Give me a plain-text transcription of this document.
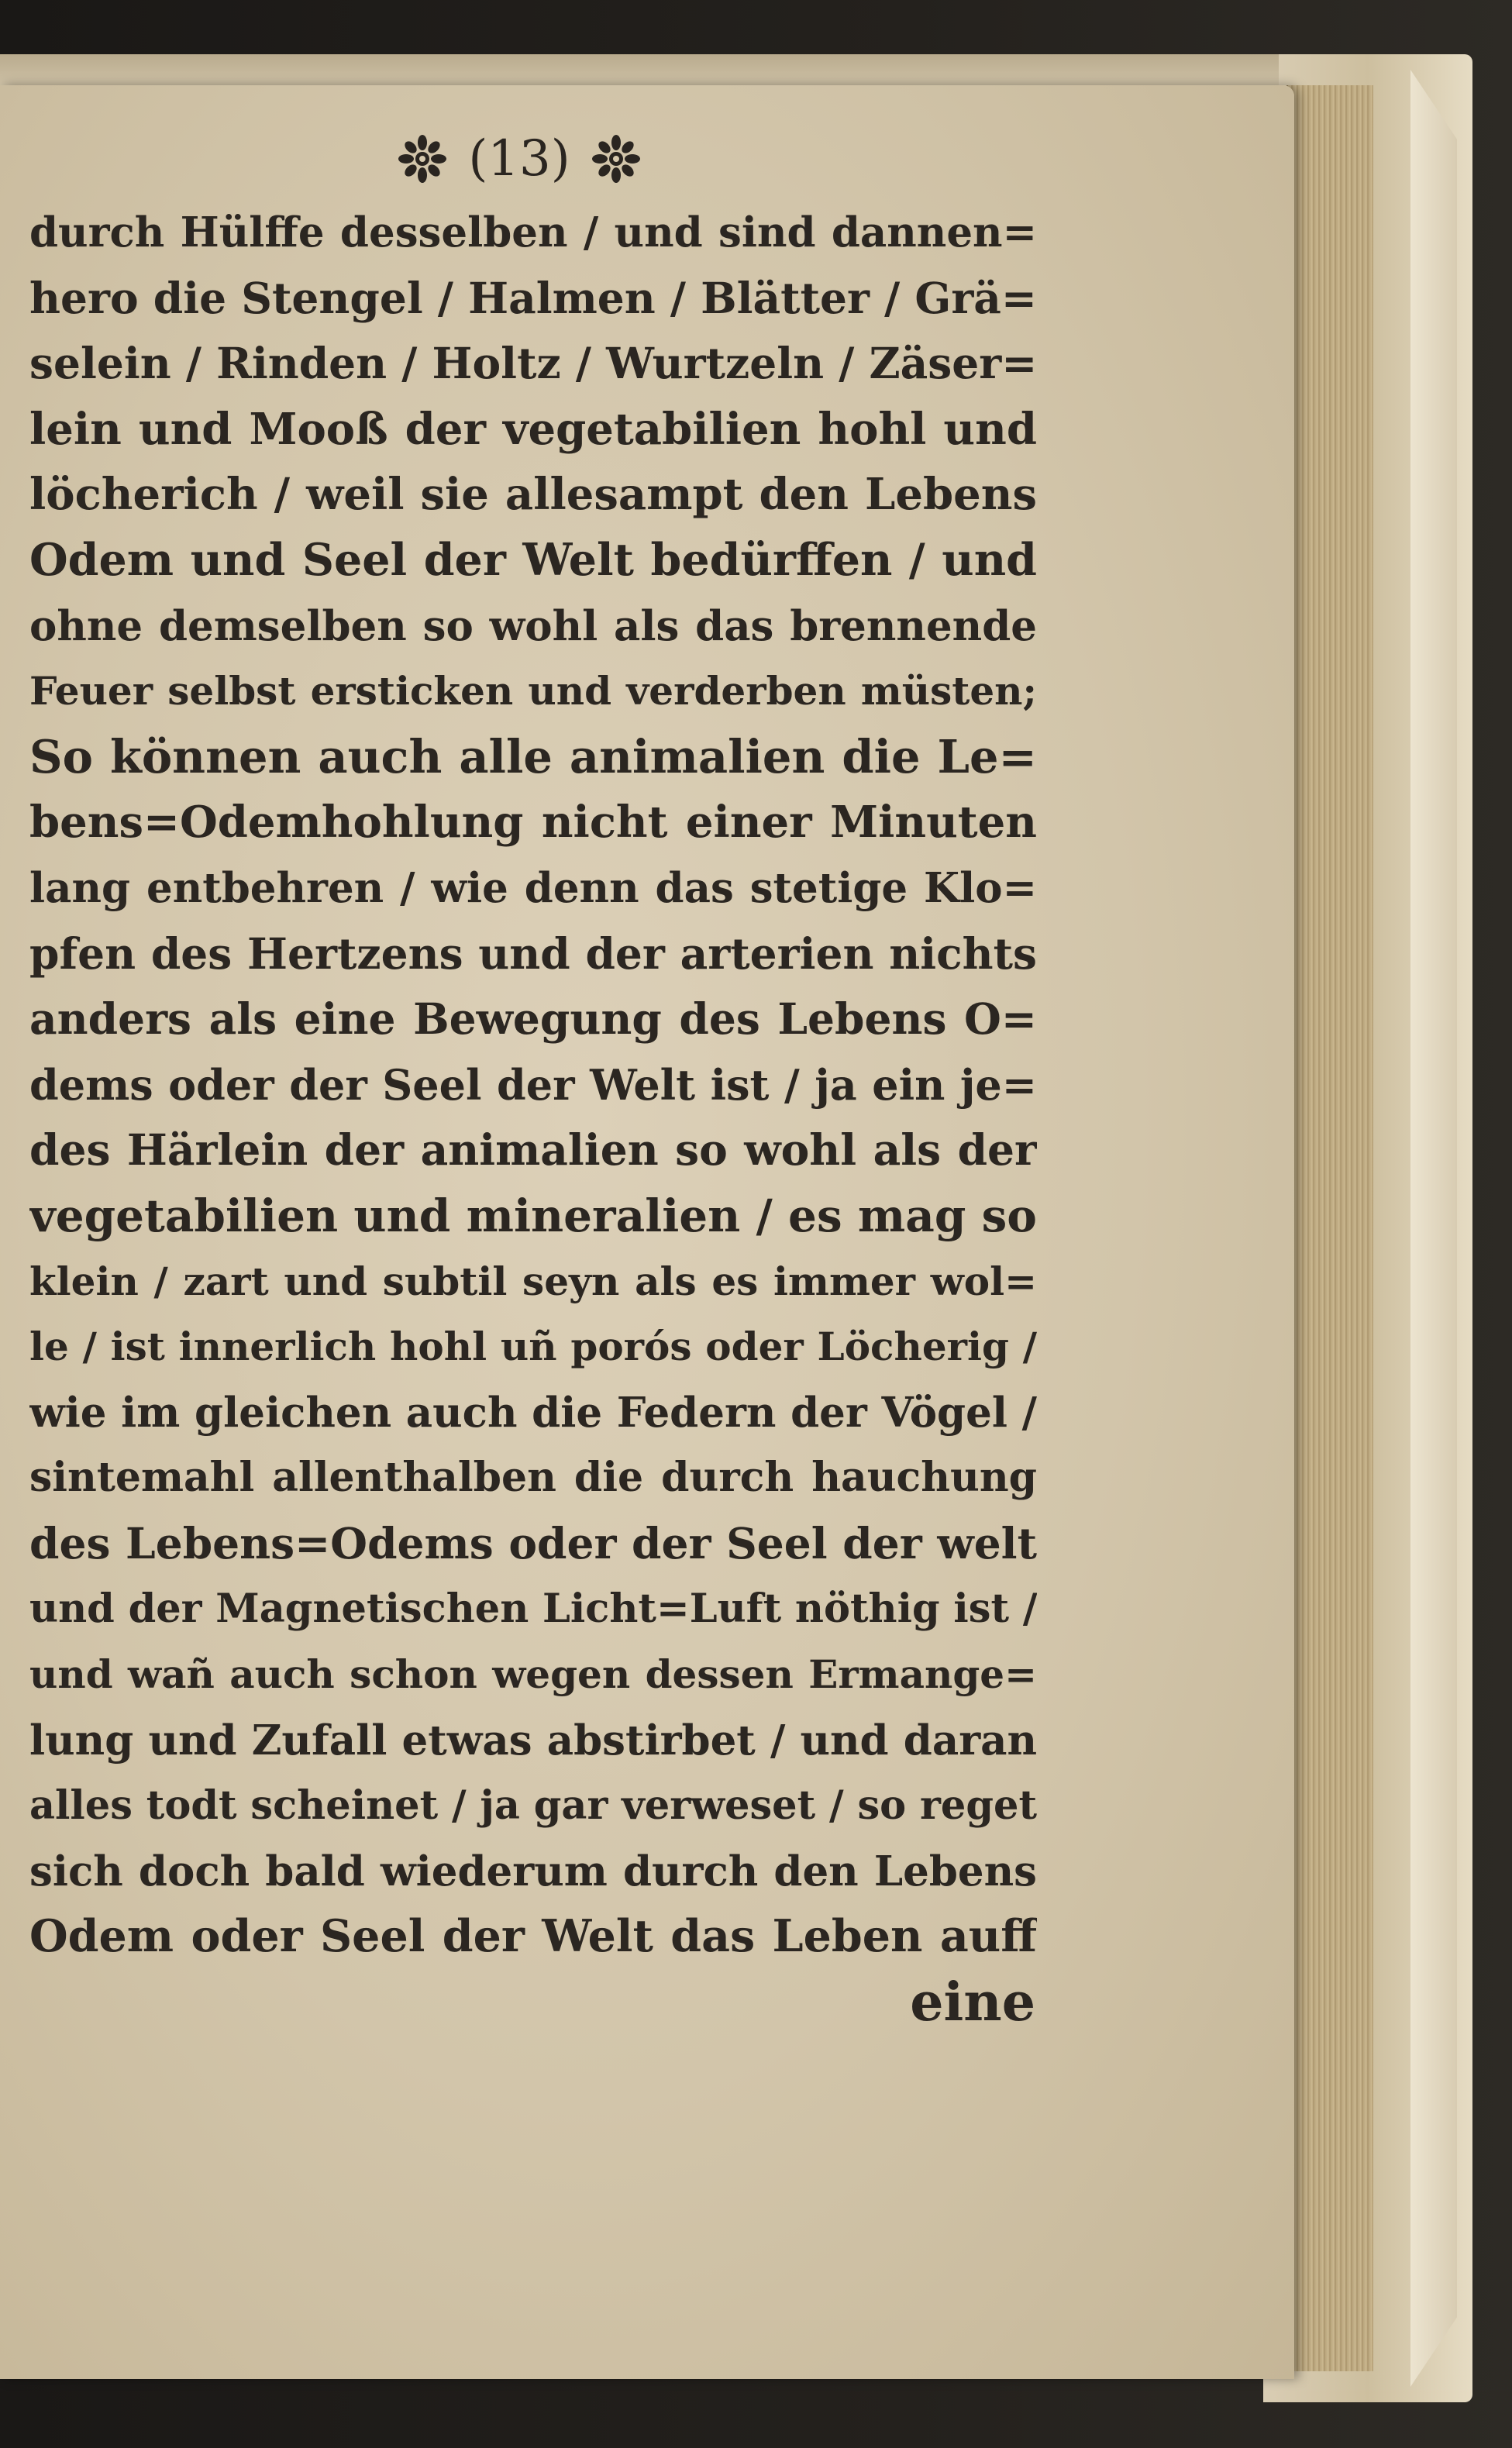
(13)
durch Hülffe desselben / und sind dannen=
hero die Stengel / Halmen / Blätter / Grä=
selein / Rinden / Holtz / Wurtzeln / Zäser=
lein und Mooß der vegetabilien hohl und
löcherich / weil sie allesampt den Lebens
Odem und Seel der Welt bedürffen / und
ohne demselben so wohl als das brennende
Feuer selbst ersticken und verderben müsten;
So können auch alle animalien die Le=
bens=Odemhohlung nicht einer Minuten
lang entbehren / wie denn das stetige Klo=
pfen des Hertzens und der arterien nichts
anders als eine Bewegung des Lebens O=
dems oder der Seel der Welt ist / ja ein je=
des Härlein der animalien so wohl als der
vegetabilien und mineralien / es mag so
klein / zart und subtil seyn als es immer wol=
le / ist innerlich hohl uñ porós oder Löcherig /
wie im gleichen auch die Federn der Vögel /
sintemahl allenthalben die durch hauchung
des Lebens=Odems oder der Seel der welt
und der Magnetischen Licht=Luft nöthig ist /
und wañ auch schon wegen dessen Ermange=
lung und Zufall etwas abstirbet / und daran
alles todt scheinet / ja gar verweset / so reget
sich doch bald wiederum durch den Lebens
Odem oder Seel der Welt das Leben auff
eine
